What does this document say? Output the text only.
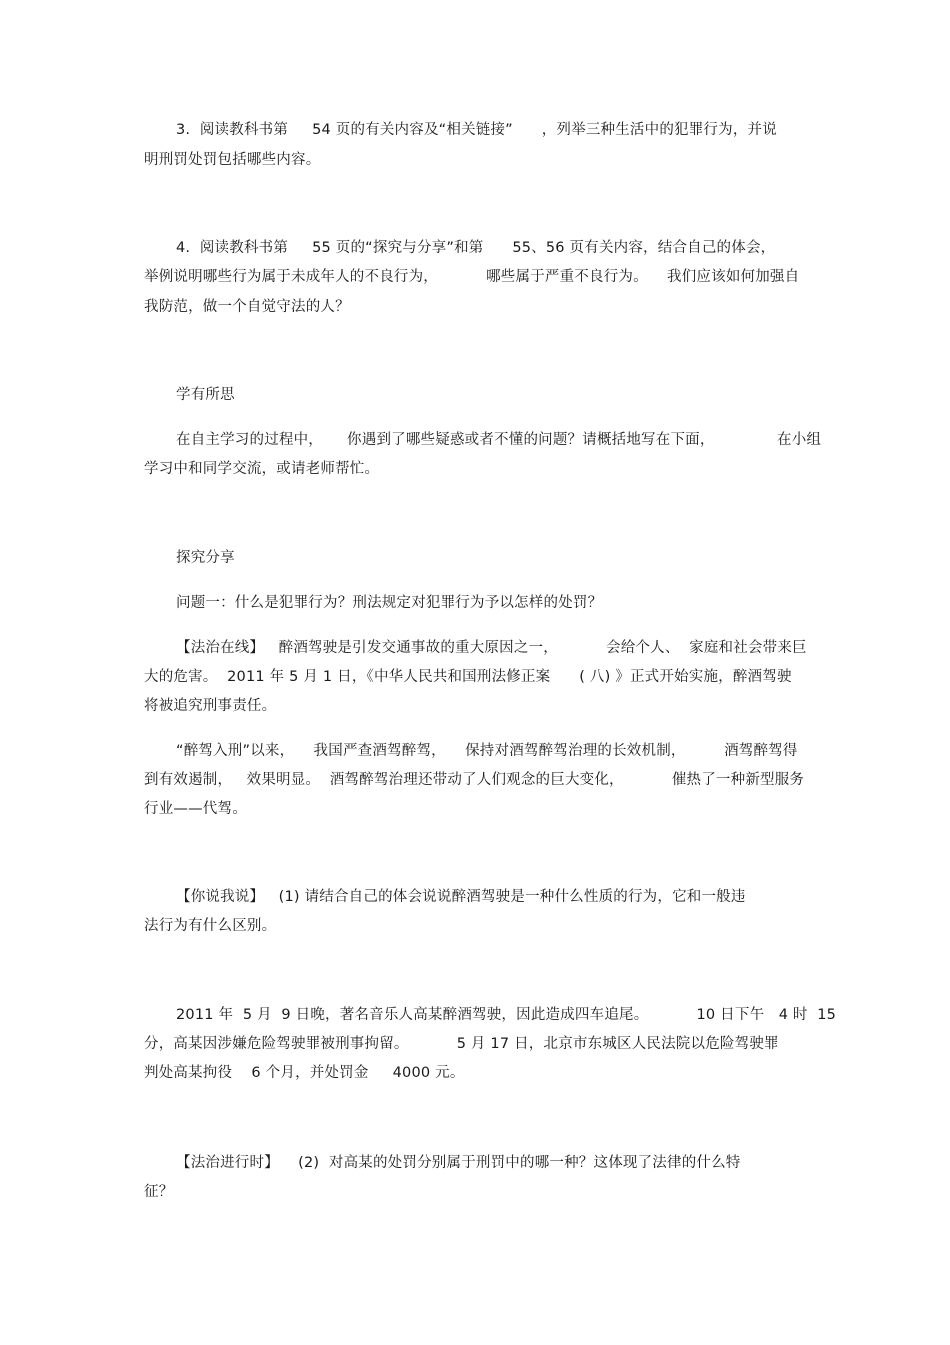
3.  阅读教科书第     54 页的有关内容及“相关链接”      ，列举三种生活中的犯罪行为，并说
明刑罚处罚包括哪些内容。
4.  阅读教科书第     55 页的“探究与分享”和第      55、56 页有关内容，结合自己的体会，
举例说明哪些行为属于未成年人的不良行为，          哪些属于严重不良行为。    我们应该如何加强自
我防范，做一个自觉守法的人？
学有所思
在自主学习的过程中，     你遇到了哪些疑惑或者不懂的问题？请概括地写在下面，             在小组
学习中和同学交流，或请老师帮忙。
探究分享
问题一：什么是犯罪行为？刑法规定对犯罪行为予以怎样的处罚？
【法治在线】   醉酒驾驶是引发交通事故的重大原因之一，          会给个人、  家庭和社会带来巨
大的危害。  2011 年 5 月 1 日，《中华人民共和国刑法修正案      ( 八) 》正式开始实施，醉酒驾驶
将被追究刑事责任。
“醉驾入刑”以来，    我国严查酒驾醉驾，    保持对酒驾醉驾治理的长效机制，        酒驾醉驾得
到有效遏制，   效果明显。  酒驾醉驾治理还带动了人们观念的巨大变化，          催热了一种新型服务
行业——代驾。
【你说我说】   (1) 请结合自己的体会说说醉酒驾驶是一种什么性质的行为，它和一般违
法行为有什么区别。
2011 年  5 月  9 日晚，著名音乐人高某醉酒驾驶，因此造成四车追尾。          10 日下午   4 时  15
分，高某因涉嫌危险驾驶罪被刑事拘留。          5 月 17 日，北京市东城区人民法院以危险驾驶罪
判处高某拘役    6 个月，并处罚金     4000 元。
【法治进行时】    (2)  对高某的处罚分别属于刑罚中的哪一种？这体现了法律的什么特
征？
